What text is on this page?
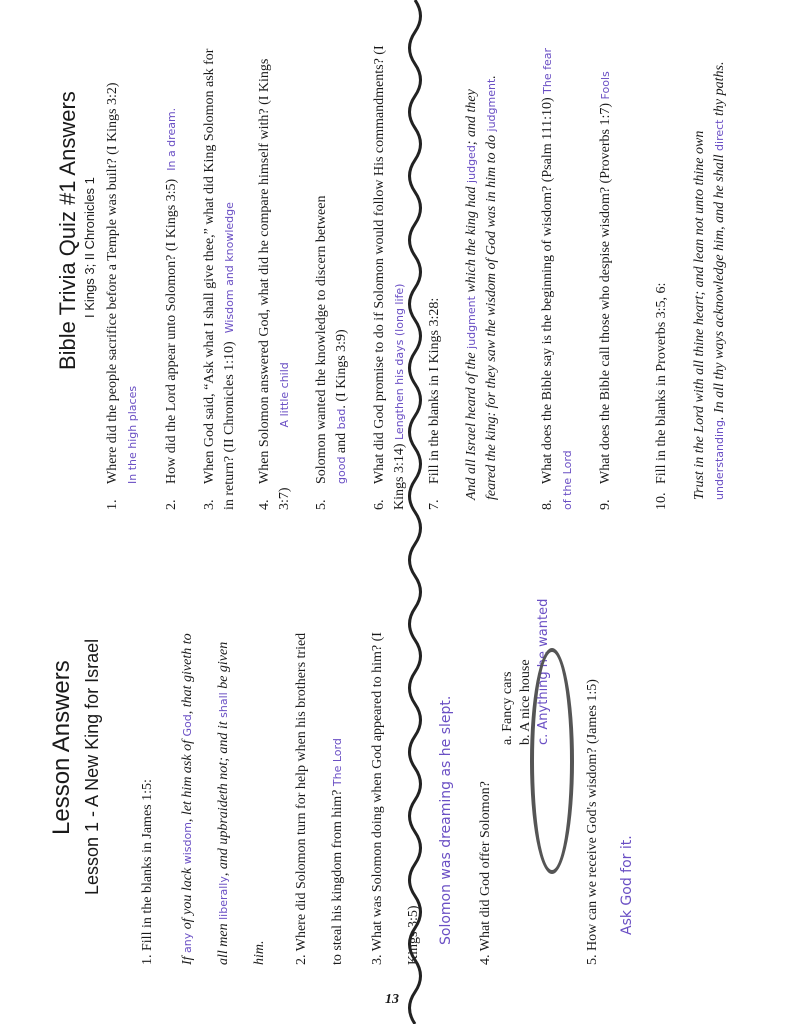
Lesson Answers Lesson 1 - A New King for Israel	1. Fill in the blanks in James 1:5: If any of you lack wisdom, let him ask of God, that giveth to
all men liberally, and upbraideth not; and it shall be given
him. 2. Where did Solomon turn for help when his brothers tried to steal his kingdom from him? The Lord 3. What was Solomon doing when God appeared to him? (I Kings 3:5) Solomon was dreaming as he slept. 4. What did God offer Solomon?
a. Fancy cars b. A nice house c. Anything he wanted
5. How can we receive God's wisdom? (James 1:5) Ask God for it.
Bible Trivia Quiz #1 Answers I Kings 3; II Chronicles 1
1.Where did the people sacrifice before a Temple was built? (I Kings 3:2) In the high places
2.How did the Lord appear unto Solomon? (I Kings 3:5)In a dream.
3.When God said, “Ask what I shall give thee,” what did King Solomon ask for in return? (II Chronicles 1:10)Wisdom and knowledge
4.When Solomon answered God, what did he compare himself with? (I Kings 3:7)A little child
5.Solomon wanted the knowledge to discern between good and bad. (I Kings 3:9)
6.What did God promise to do if Solomon would follow His commandments? (I Kings 3:14) Lengthen his days (long life)
7.Fill in the blanks in I Kings 3:28: And all Israel heard of the judgment which the king had judged; and they feared the king: for they saw the wisdom of God was in him to do judgment.
8.What does the Bible say is the beginning of wisdom? (Psalm 111:10) The fear of the Lord 9.What does the Bible call those who despise wisdom? (Proverbs 1:7) Fools
10.Fill in the blanks in Proverbs 3:5, 6: Trust in the Lord with all thine heart; and lean not unto thine own understanding. In all thy ways acknowledge him, and he shall direct thy paths.
13
